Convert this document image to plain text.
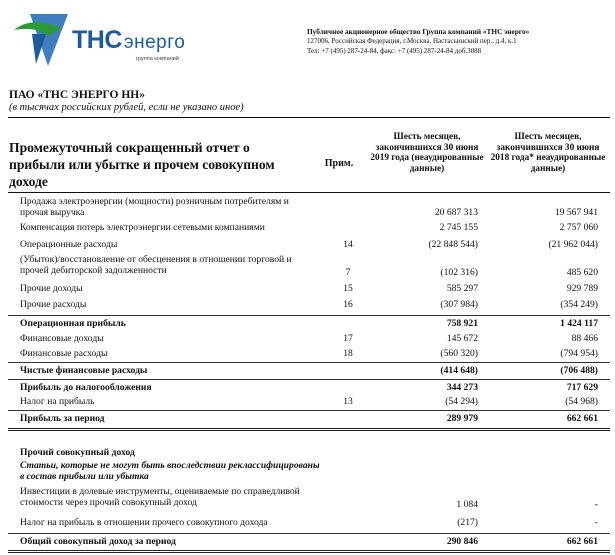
ТНС энерго
группа компаний
Публичное акционерное общество Группа компаний «ТНС энерго»
127006, Российская Федерация, г.Москва, Настасьинский пер., д.4, к.1
Тел: +7 (495) 287-24-84, факс: +7 (495) 287-24-84 доб.3088
ПАО «ТНС ЭНЕРГО НН»
(в тысячах российских рублей, если не указано иное)
Промежуточный сокращенный отчет о прибыли или убытке и прочем совокупном доходе
Прим.
Шесть месяцев, закончившихся 30 июня 2019 года (неаудированные данные)
Шесть месяцев, закончившихся 30 июня 2018 года* неаудированные данные)
Продажа электроэнергии (мощности) розничным потребителям и прочая выручка	20 687 313	19 567 941
Компенсация потерь электроэнергии сетевыми компаниями	2 745 155	2 757 060
Операционные расходы	14	(22 848 544)	(21 962 044)
(Убыток)/восстановление от обесценения в отношении торговой и прочей дебиторской задолженности	7	(102 316)	485 620
Прочие доходы	15	585 297	929 789
Прочие расходы	16	(307 984)	(354 249)
Операционная прибыль	758 921	1 424 117
Финансовые доходы	17	145 672	88 466
Финансовые расходы	18	(560 320)	(794 954)
Чистые финансовые расходы	(414 648)	(706 488)
Прибыль до налогообложения	344 273	717 629
Налог на прибыль	13	(54 294)	(54 968)
Прибыль за период	289 979	662 661
Прочий совокупный доход
Статьи, которые не могут быть впоследствии реклассифицированы в состав прибыли или убытка
Инвестиции в долевые инструменты, оцениваемые по справедливой стоимости через прочий совокупный доход	1 084	-
Налог на прибыль в отношении прочего совокупного дохода	(217)	-
Общий совокупный доход за период	290 846	662 661
